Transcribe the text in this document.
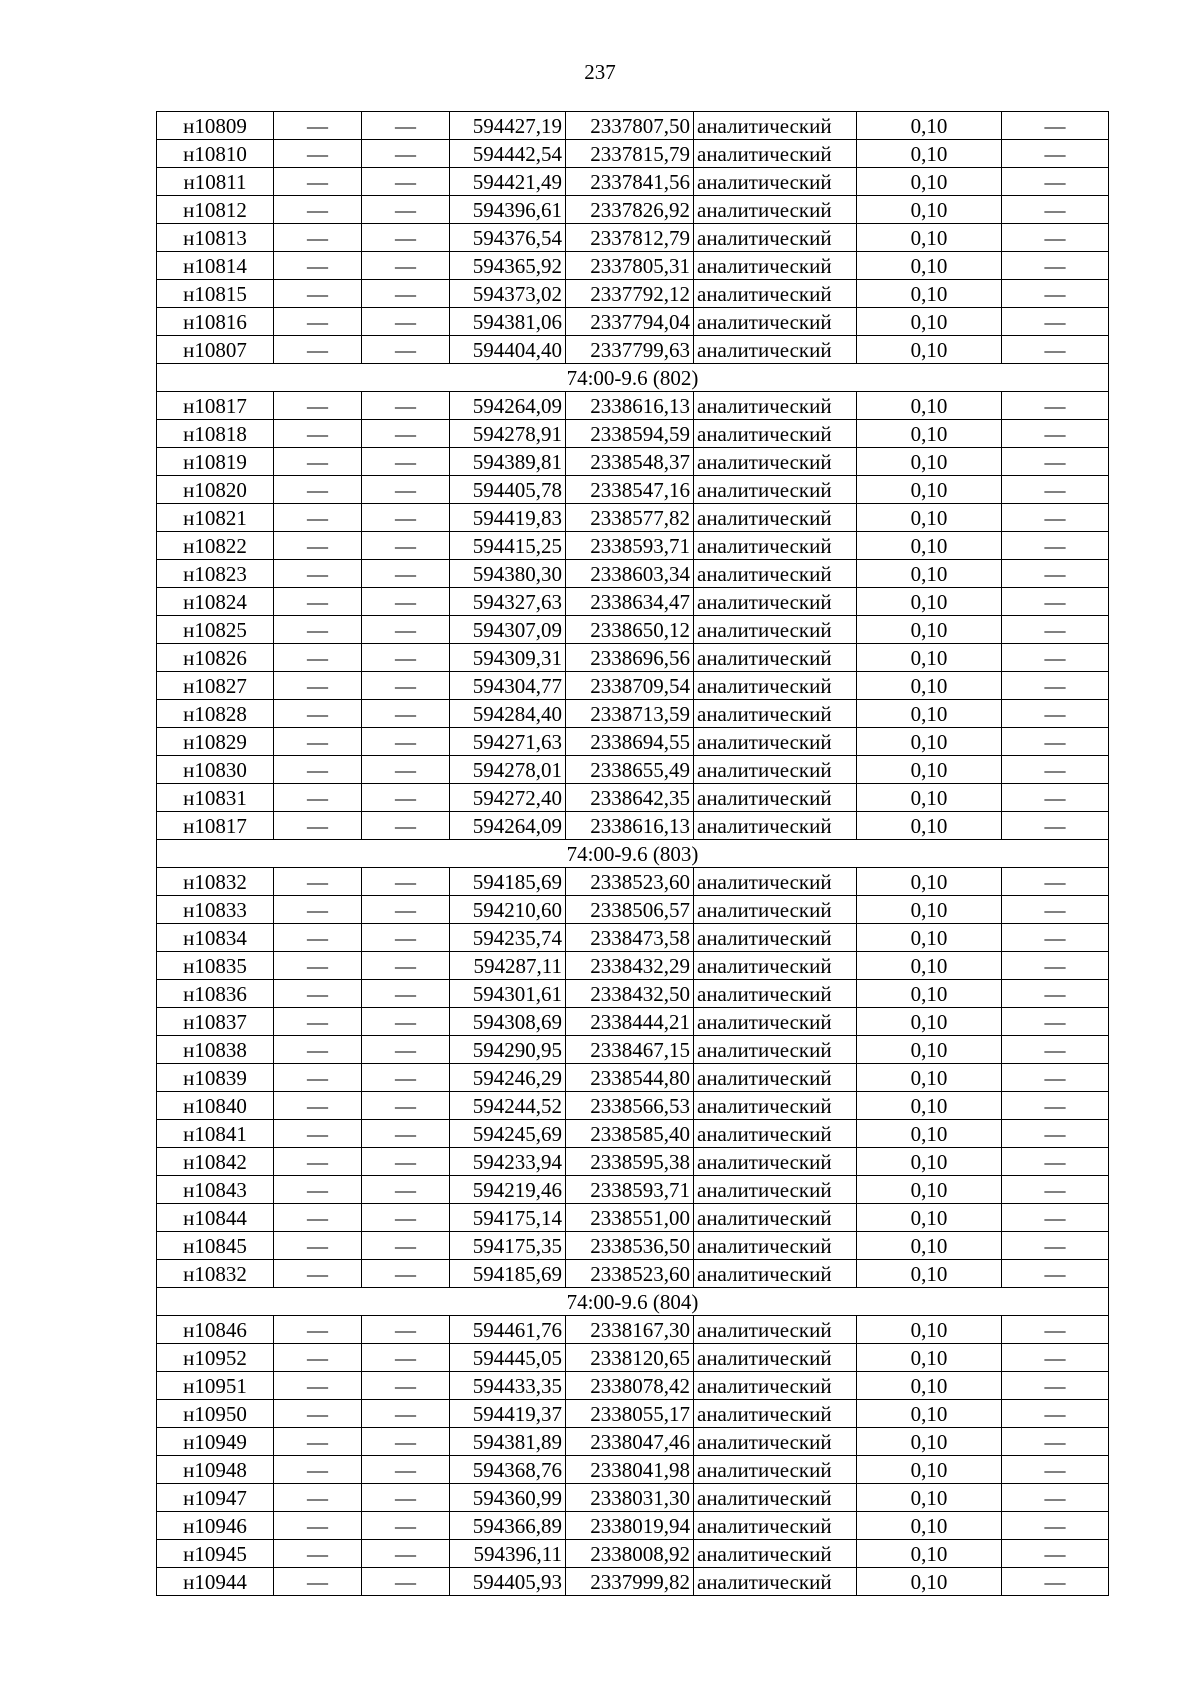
237
н10809	—	—	594427,19	2337807,50	аналитический	0,10	—
н10810	—	—	594442,54	2337815,79	аналитический	0,10	—
н10811	—	—	594421,49	2337841,56	аналитический	0,10	—
н10812	—	—	594396,61	2337826,92	аналитический	0,10	—
н10813	—	—	594376,54	2337812,79	аналитический	0,10	—
н10814	—	—	594365,92	2337805,31	аналитический	0,10	—
н10815	—	—	594373,02	2337792,12	аналитический	0,10	—
н10816	—	—	594381,06	2337794,04	аналитический	0,10	—
н10807	—	—	594404,40	2337799,63	аналитический	0,10	—
74:00-9.6 (802)							
н10817	—	—	594264,09	2338616,13	аналитический	0,10	—
н10818	—	—	594278,91	2338594,59	аналитический	0,10	—
н10819	—	—	594389,81	2338548,37	аналитический	0,10	—
н10820	—	—	594405,78	2338547,16	аналитический	0,10	—
н10821	—	—	594419,83	2338577,82	аналитический	0,10	—
н10822	—	—	594415,25	2338593,71	аналитический	0,10	—
н10823	—	—	594380,30	2338603,34	аналитический	0,10	—
н10824	—	—	594327,63	2338634,47	аналитический	0,10	—
н10825	—	—	594307,09	2338650,12	аналитический	0,10	—
н10826	—	—	594309,31	2338696,56	аналитический	0,10	—
н10827	—	—	594304,77	2338709,54	аналитический	0,10	—
н10828	—	—	594284,40	2338713,59	аналитический	0,10	—
н10829	—	—	594271,63	2338694,55	аналитический	0,10	—
н10830	—	—	594278,01	2338655,49	аналитический	0,10	—
н10831	—	—	594272,40	2338642,35	аналитический	0,10	—
н10817	—	—	594264,09	2338616,13	аналитический	0,10	—
74:00-9.6 (803)							
н10832	—	—	594185,69	2338523,60	аналитический	0,10	—
н10833	—	—	594210,60	2338506,57	аналитический	0,10	—
н10834	—	—	594235,74	2338473,58	аналитический	0,10	—
н10835	—	—	594287,11	2338432,29	аналитический	0,10	—
н10836	—	—	594301,61	2338432,50	аналитический	0,10	—
н10837	—	—	594308,69	2338444,21	аналитический	0,10	—
н10838	—	—	594290,95	2338467,15	аналитический	0,10	—
н10839	—	—	594246,29	2338544,80	аналитический	0,10	—
н10840	—	—	594244,52	2338566,53	аналитический	0,10	—
н10841	—	—	594245,69	2338585,40	аналитический	0,10	—
н10842	—	—	594233,94	2338595,38	аналитический	0,10	—
н10843	—	—	594219,46	2338593,71	аналитический	0,10	—
н10844	—	—	594175,14	2338551,00	аналитический	0,10	—
н10845	—	—	594175,35	2338536,50	аналитический	0,10	—
н10832	—	—	594185,69	2338523,60	аналитический	0,10	—
74:00-9.6 (804)							
н10846	—	—	594461,76	2338167,30	аналитический	0,10	—
н10952	—	—	594445,05	2338120,65	аналитический	0,10	—
н10951	—	—	594433,35	2338078,42	аналитический	0,10	—
н10950	—	—	594419,37	2338055,17	аналитический	0,10	—
н10949	—	—	594381,89	2338047,46	аналитический	0,10	—
н10948	—	—	594368,76	2338041,98	аналитический	0,10	—
н10947	—	—	594360,99	2338031,30	аналитический	0,10	—
н10946	—	—	594366,89	2338019,94	аналитический	0,10	—
н10945	—	—	594396,11	2338008,92	аналитический	0,10	—
н10944	—	—	594405,93	2337999,82	аналитический	0,10	—
